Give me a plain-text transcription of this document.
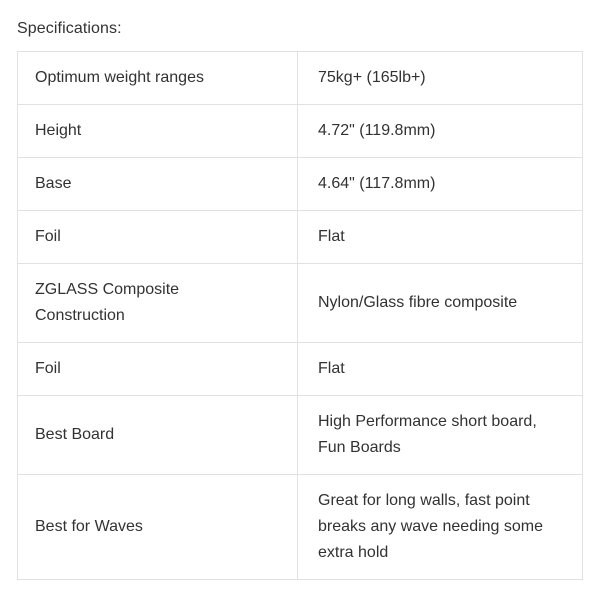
Specifications:

Optimum weight ranges	75kg+ (165lb+)
Height	4.72" (119.8mm)
Base	4.64" (117.8mm)
Foil	Flat
ZGLASS Composite Construction	Nylon/Glass fibre composite
Foil	Flat
Best Board	High Performance short board, Fun Boards
Best for Waves	Great for long walls, fast point breaks any wave needing some extra hold
